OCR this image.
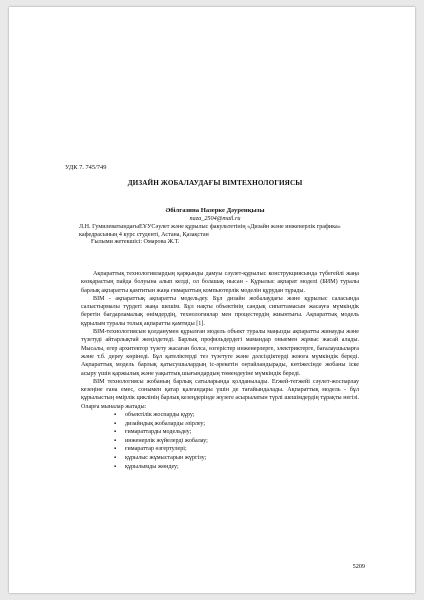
УДК 7. 745/749
ДИЗАЙН ЖОБАЛАУДАҒЫ BIMТЕХНОЛОГИЯСЫ
Әбілгазина Назерке Дәуренқызы
naza_2504@mail.ru
Л.Н. ГумилеватындағыЕҰУСәулет және құрылыс факультетінің «Дизайн және инженерлік графика» кафедрасының 4 курс студенті, Астана, Қазақстан
Ғылыми жетекшісі: Омарова Ж.Т.

Ақпараттық технологиялардың қарқынды дамуы сәулет-құрылыс конструкциясында түбегейлі жаңа көзқарастың пайда болуына алып келді, ол болашақ нысан - Құрылыс ақпарат моделі (БИМ) туралы барлық ақпаратты қамтитын жаңа ғимараттың компьютерлік моделін құрудан тұрады.

BIM - ақпараттық ақпаратты модельдеу. Бұл дизайн жобалаудағы және құрылыс саласында салыстырмалы түрдегі жаңа шешім. Бұл нақты объектінің сандық сипаттамасын жасауға мүмкіндік беретін бағдарламалық өнімдердің, технологиялар мен процестердің жиынтығы. Ақпараттық модель құрылым туралы толық ақпаратты қамтиды [1].

BIM-технологиясын қолданумен құрылған модель объект туралы маңызды ақпаратты жинауды және түзетуді айтарлықтай жеңілдетеді. Барлық профильдердегі мамандар оныемен жұмыс жасай алады. Мысалы, егер архитектор түзету жасаған болса, өзгерістер инженерлерге, электриктерге, бағалаушыларға және т.б. дереу көрінеді. Бұл қателіктерді тез түзетуге және дәлсіздіктерді жоюға мүмкіндік береді. Ақпараттық модель барлық қатысушылардың іс-әрекетін оңтайландырады, көтіжесінде жобаны іске асыру үшін қаржылық және уақыттық шығындардың төмендеуіне мүмкіндік береді.

BIM технологиясы жобаның барлық сатыларында қолданылады. Егжей-тегжейі сәулет-жоспарлау кезеңіне ғана емес, сонымен қатар қалғандары үшін де тағайындалады. Ақпараттық модель - бұл құрылыстың өмірлік циклінің барлық кезеңдерінде жүзеге асырылатын түрлі шешімдердің тұрақты негізі. Оларға мыналар жатады:

▪ объектілік жоспарды құру;
▪ дизайндық жобаларды әзірлеу;
▪ ғимараттарды модельдеу;
▪ инженерлік жүйелерді жобалау;
▪ ғимараттар өзгертулері;
▪ құрылыс жұмыстарын жүргізу;
▪ құрылымды жөндеу;
5209
